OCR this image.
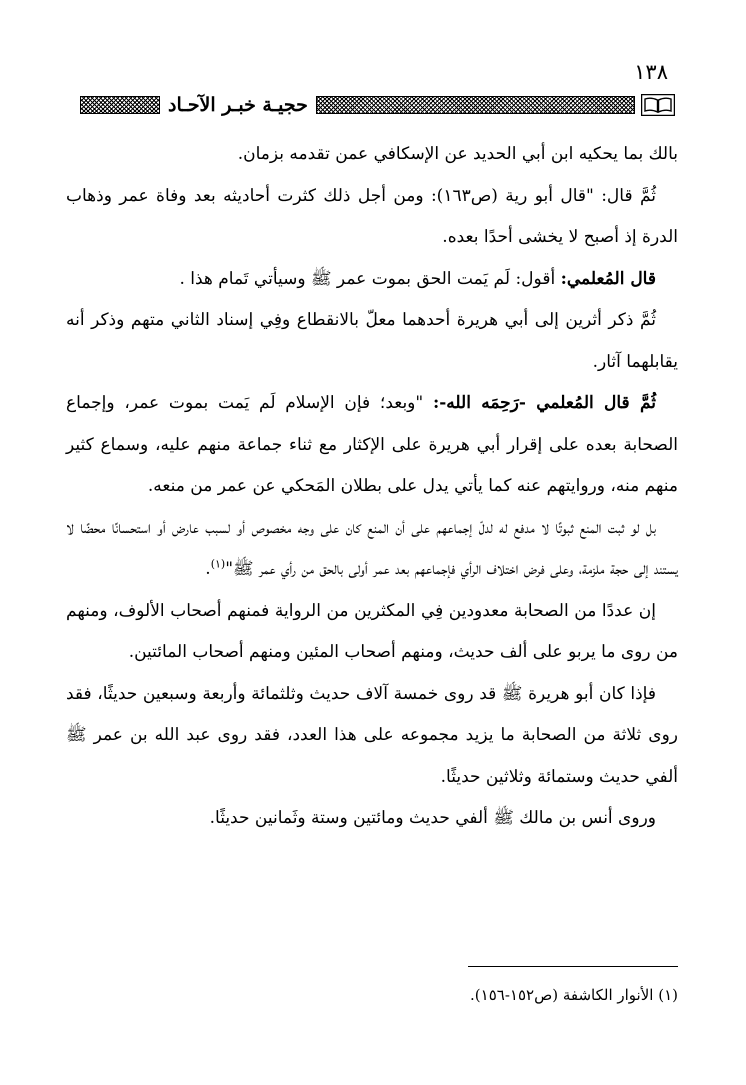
١٣٨
حجيـة خبـر الآحـاد

بالك بما يحكيه ابن أبي الحديد عن الإسكافي عمن تقدمه بزمان.

ثُمَّ قال: "قال أبو رية (ص١٦٣): ومن أجل ذلك كثرت أحاديثه بعد وفاة عمر وذهاب الدرة إذ أصبح لا يخشى أحدًا بعده.

قال المُعلمي: أقول: لَم يَمت الحق بموت عمر ﷺ وسيأتي تَمام هذا .

ثُمَّ ذكر أثرين إلى أبي هريرة أحدهما معلّ بالانقطاع وفِي إسناد الثاني متهم وذكر أنه يقابلهما آثار.

ثُمَّ قال المُعلمي -رَحِمَه الله-: "وبعد؛ فإن الإسلام لَم يَمت بموت عمر، وإجماع الصحابة بعده على إقرار أبي هريرة على الإكثار مع ثناء جماعة منهم عليه، وسماع كثير منهم منه، وروايتهم عنه كما يأتي يدل على بطلان المَحكي عن عمر من منعه.

بل لو ثبت المنع ثبوتًا لا مدفع له لدلّ إجماعهم على أن المنع كان على وجه مخصوص أو لسبب عارض أو استحسانًا محضًا لا يستند إلى حجة ملزمة، وعلى فرض اختلاف الرأي فإجماعهم بعد عمر أولى بالحق من رأي عمر ﷺ"$^{(١)}$.

إن عددًا من الصحابة معدودين فِي المكثرين من الرواية فمنهم أصحاب الألوف، ومنهم من روى ما يربو على ألف حديث، ومنهم أصحاب المئين ومنهم أصحاب المائتين.

فإذا كان أبو هريرة ﷺ قد روى خمسة آلاف حديث وثلثمائة وأربعة وسبعين حديثًا، فقد روى ثلاثة من الصحابة ما يزيد مجموعه على هذا العدد، فقد روى عبد الله بن عمر ﷺ ألفي حديث وستمائة وثلاثين حديثًا.

وروى أنس بن مالك ﷺ ألفي حديث ومائتين وستة وثَمانين حديثًا.

(١) الأنوار الكاشفة (ص١٥٢-١٥٦).
